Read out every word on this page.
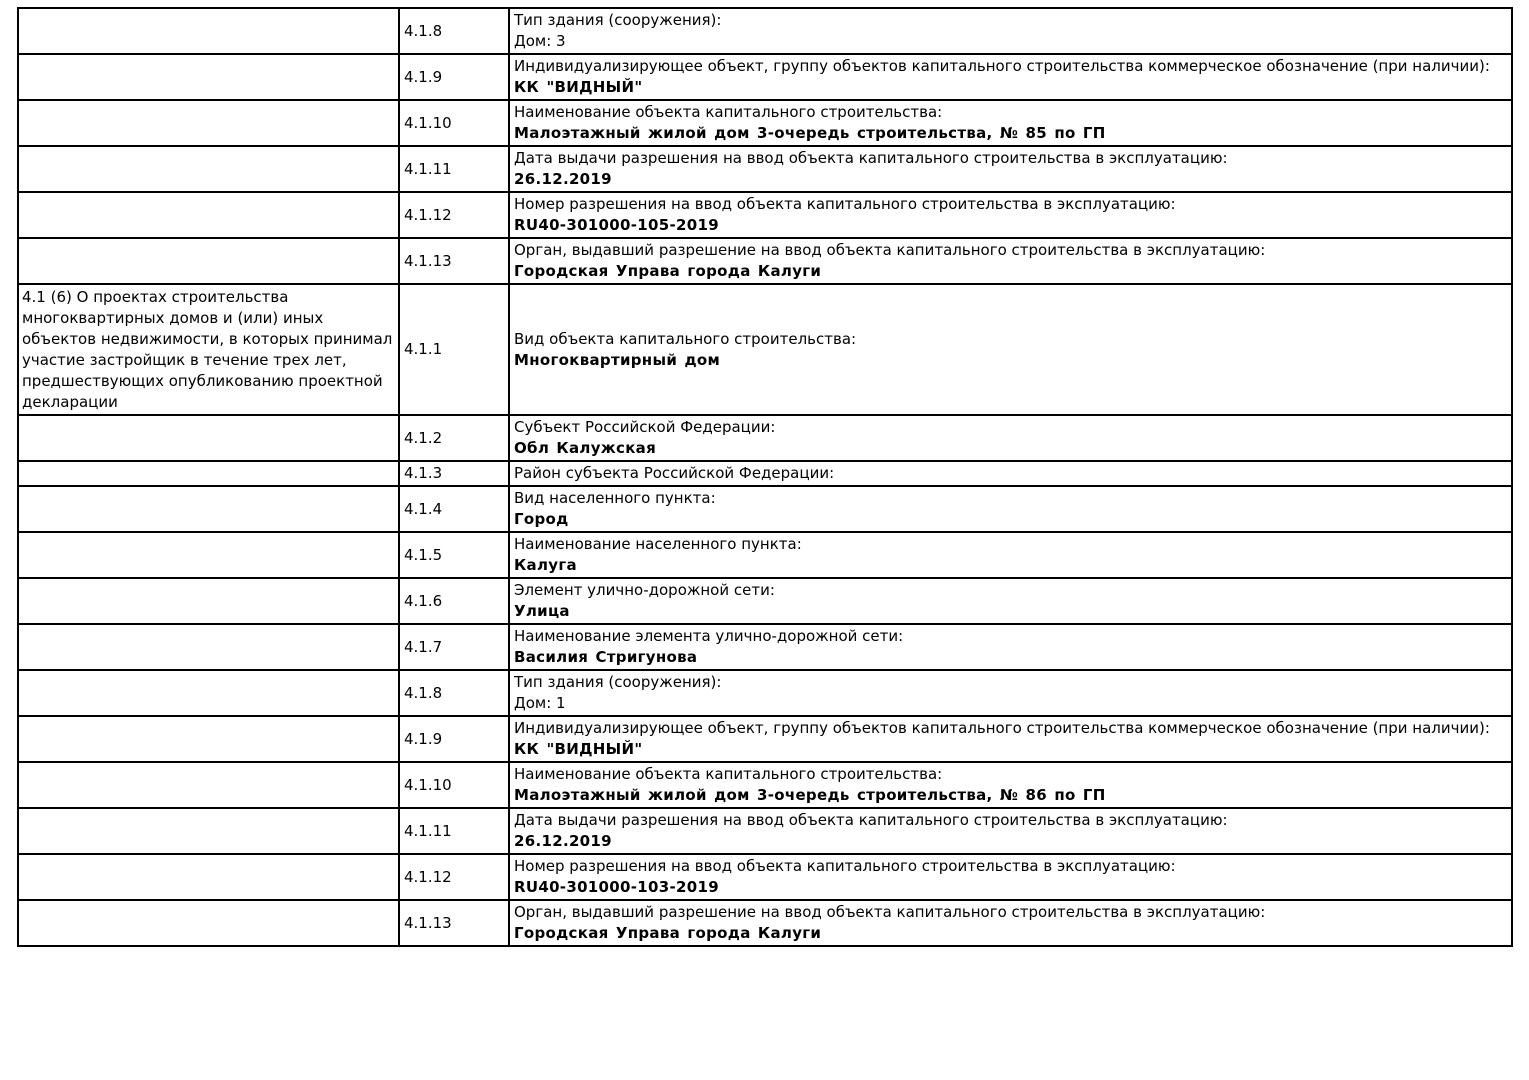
	4.1.8	Тип здания (сооружения):
Дом: 3

	4.1.9	Индивидуализирующее объект, группу объектов капитального строительства коммерческое обозначение (при наличии):
КК "ВИДНЫЙ"

	4.1.10	Наименование объекта капитального строительства:
Малоэтажный жилой дом 3-очередь строительства, № 85 по ГП

	4.1.11	Дата выдачи разрешения на ввод объекта капитального строительства в эксплуатацию:
26.12.2019

	4.1.12	Номер разрешения на ввод объекта капитального строительства в эксплуатацию:
RU40-301000-105-2019

	4.1.13	Орган, выдавший разрешение на ввод объекта капитального строительства в эксплуатацию:
Городская Управа города Калуги

4.1 (6) О проектах строительства многоквартирных домов и (или) иных объектов недвижимости, в которых принимал участие застройщик в течение трех лет, предшествующих опубликованию проектной декларации	4.1.1	Вид объекта капитального строительства:
Многоквартирный дом

	4.1.2	Субъект Российской Федерации:
Обл Калужская

	4.1.3	Район субъекта Российской Федерации:

	4.1.4	Вид населенного пункта:
Город

	4.1.5	Наименование населенного пункта:
Калуга

	4.1.6	Элемент улично-дорожной сети:
Улица

	4.1.7	Наименование элемента улично-дорожной сети:
Василия Стригунова

	4.1.8	Тип здания (сооружения):
Дом: 1

	4.1.9	Индивидуализирующее объект, группу объектов капитального строительства коммерческое обозначение (при наличии):
КК "ВИДНЫЙ"

	4.1.10	Наименование объекта капитального строительства:
Малоэтажный жилой дом 3-очередь строительства, № 86 по ГП

	4.1.11	Дата выдачи разрешения на ввод объекта капитального строительства в эксплуатацию:
26.12.2019

	4.1.12	Номер разрешения на ввод объекта капитального строительства в эксплуатацию:
RU40-301000-103-2019

	4.1.13	Орган, выдавший разрешение на ввод объекта капитального строительства в эксплуатацию:
Городская Управа города Калуги
